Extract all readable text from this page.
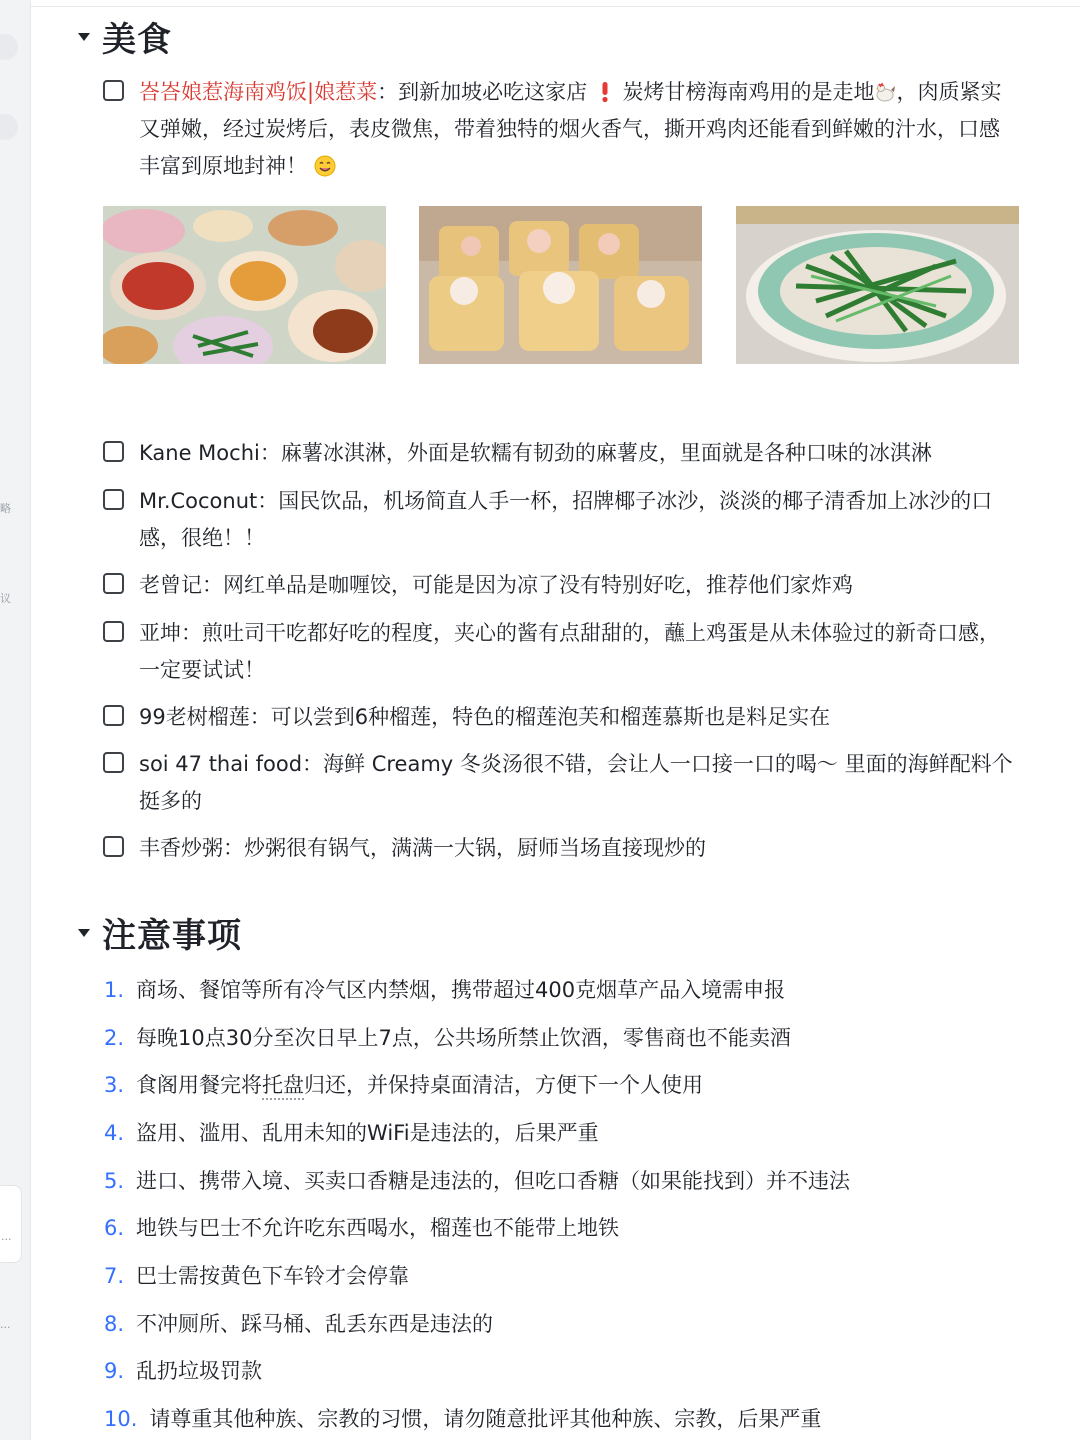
略
议
...
...
美食
峇峇娘惹海南鸡饭|娘惹菜：到新加坡必吃这家店 炭烤甘榜海南鸡用的是走地 ，肉质紧实又弹嫩，经过炭烤后，表皮微焦，带着独特的烟火香气，撕开鸡肉还能看到鲜嫩的汁水，口感丰富到原地封神！
Kane Mochi：麻薯冰淇淋，外面是软糯有韧劲的麻薯皮，里面就是各种口味的冰淇淋
Mr.Coconut：国民饮品，机场简直人手一杯，招牌椰子冰沙，淡淡的椰子清香加上冰沙的口感，很绝！！
老曾记：网红单品是咖喱饺，可能是因为凉了没有特别好吃，推荐他们家炸鸡
亚坤：煎吐司干吃都好吃的程度，夹心的酱有点甜甜的，蘸上鸡蛋是从未体验过的新奇口感，一定要试试！
99老树榴莲：可以尝到6种榴莲，特色的榴莲泡芙和榴莲慕斯也是料足实在
soi 47 thai food：海鲜 Creamy 冬炎汤很不错，会让人一口接一口的喝～ 里面的海鲜配料个挺多的
丰香炒粥：炒粥很有锅气，满满一大锅，厨师当场直接现炒的
注意事项
1. 商场、餐馆等所有冷气区内禁烟，携带超过400克烟草产品入境需申报
2. 每晚10点30分至次日早上7点，公共场所禁止饮酒，零售商也不能卖酒
3. 食阁用餐完将托盘归还，并保持桌面清洁，方便下一个人使用
4. 盗用、滥用、乱用未知的WiFi是违法的，后果严重
5. 进口、携带入境、买卖口香糖是违法的，但吃口香糖（如果能找到）并不违法
6. 地铁与巴士不允许吃东西喝水，榴莲也不能带上地铁
7. 巴士需按黄色下车铃才会停靠
8. 不冲厕所、踩马桶、乱丢东西是违法的
9. 乱扔垃圾罚款
10. 请尊重其他种族、宗教的习惯，请勿随意批评其他种族、宗教，后果严重
